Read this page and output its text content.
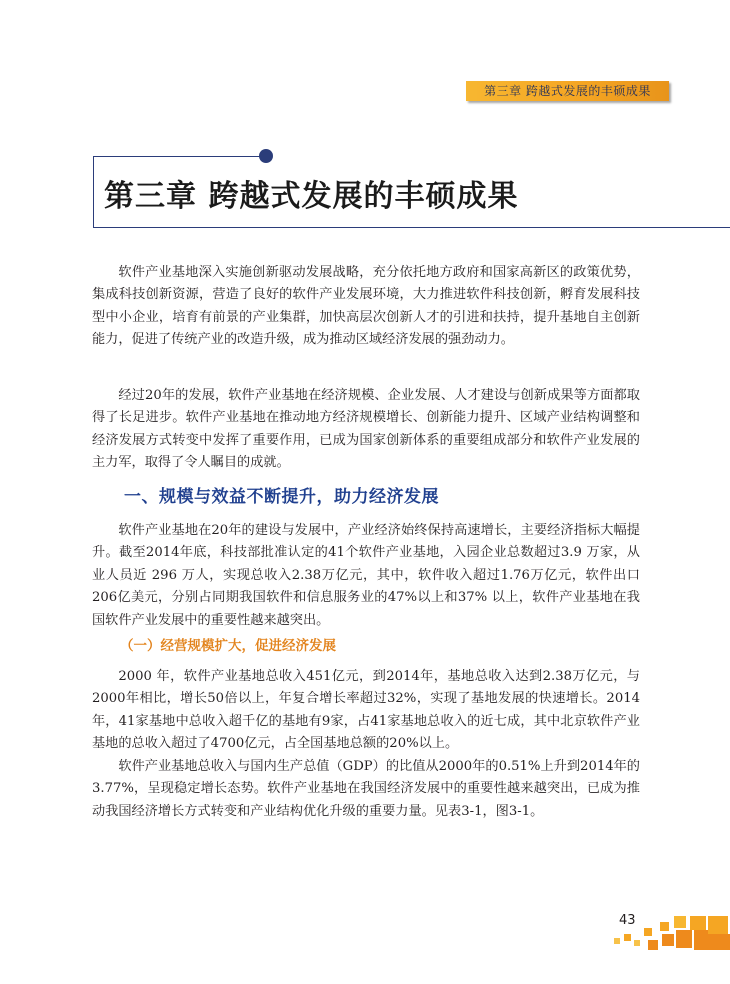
第三章 跨越式发展的丰硕成果
第三章 跨越式发展的丰硕成果

软件产业基地深入实施创新驱动发展战略，充分依托地方政府和国家高新区的政策优势，集成科技创新资源，营造了良好的软件产业发展环境，大力推进软件科技创新，孵育发展科技型中小企业，培育有前景的产业集群，加快高层次创新人才的引进和扶持，提升基地自主创新能力，促进了传统产业的改造升级，成为推动区域经济发展的强劲动力。

经过20年的发展，软件产业基地在经济规模、企业发展、人才建设与创新成果等方面都取得了长足进步。软件产业基地在推动地方经济规模增长、创新能力提升、区域产业结构调整和经济发展方式转变中发挥了重要作用，已成为国家创新体系的重要组成部分和软件产业发展的主力军，取得了令人瞩目的成就。

一、规模与效益不断提升，助力经济发展

软件产业基地在20年的建设与发展中，产业经济始终保持高速增长，主要经济指标大幅提升。截至2014年底，科技部批准认定的41个软件产业基地，入园企业总数超过3.9 万家，从业人员近 296 万人，实现总收入2.38万亿元，其中，软件收入超过1.76万亿元，软件出口206亿美元，分别占同期我国软件和信息服务业的47%以上和37% 以上，软件产业基地在我国软件产业发展中的重要性越来越突出。

（一）经营规模扩大，促进经济发展

2000 年，软件产业基地总收入451亿元，到2014年，基地总收入达到2.38万亿元，与2000年相比，增长50倍以上，年复合增长率超过32%，实现了基地发展的快速增长。2014 年，41家基地中总收入超千亿的基地有9家，占41家基地总收入的近七成，其中北京软件产业基地的总收入超过了4700亿元，占全国基地总额的20%以上。

软件产业基地总收入与国内生产总值（GDP）的比值从2000年的0.51%上升到2014年的3.77%，呈现稳定增长态势。软件产业基地在我国经济发展中的重要性越来越突出，已成为推动我国经济增长方式转变和产业结构优化升级的重要力量。见表3-1，图3-1。

43
